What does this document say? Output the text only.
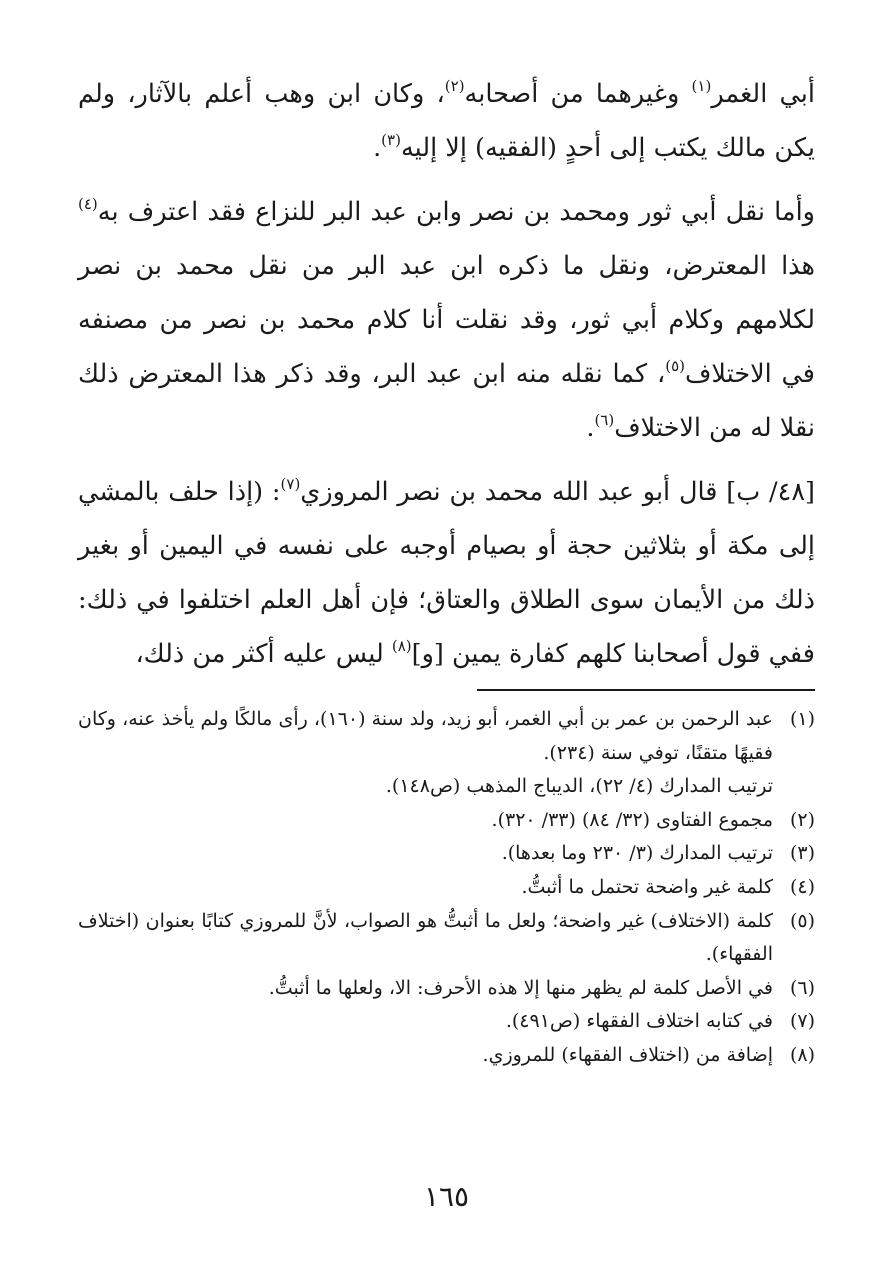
أبي الغمر$^{(١)}$ وغيرهما من أصحابه$^{(٢)}$، وكان ابن وهب أعلم بالآثار، ولم يكن مالك يكتب إلى أحدٍ (الفقيه) إلا إليه$^{(٣)}$.

وأما نقل أبي ثور ومحمد بن نصر وابن عبد البر للنزاع فقد اعترف به$^{(٤)}$ هذا المعترض، ونقل ما ذكره ابن عبد البر من نقل محمد بن نصر لكلامهم وكلام أبي ثور، وقد نقلت أنا كلام محمد بن نصر من مصنفه في الاختلاف$^{(٥)}$، كما نقله منه ابن عبد البر، وقد ذكر هذا المعترض ذلك نقلا له من الاختلاف$^{(٦)}$.

[٤٨/ ب] قال أبو عبد الله محمد بن نصر المروزي$^{(٧)}$: (إذا حلف بالمشي إلى مكة أو بثلاثين حجة أو بصيام أوجبه على نفسه في اليمين أو بغير ذلك من الأيمان سوى الطلاق والعتاق؛ فإن أهل العلم اختلفوا في ذلك: ففي قول أصحابنا كلهم كفارة يمين [و]$^{(٨)}$ ليس عليه أكثر من ذلك،

(١)
عبد الرحمن بن عمر بن أبي الغمر، أبو زيد، ولد سنة (١٦٠)، رأى مالكًا ولم يأخذ عنه، وكان فقيهًا متقنًا، توفي سنة (٢٣٤).
ترتيب المدارك (٤/ ٢٢)، الديباج المذهب (ص١٤٨).
(٢)
مجموع الفتاوى (٣٢/ ٨٤) (٣٣/ ٣٢٠).
(٣)
ترتيب المدارك (٣/ ٢٣٠ وما بعدها).
(٤)
كلمة غير واضحة تحتمل ما أثبتُّ.
(٥)
كلمة (الاختلاف) غير واضحة؛ ولعل ما أثبتُّ هو الصواب، لأنَّ للمروزي كتابًا بعنوان (اختلاف الفقهاء).
(٦)
في الأصل كلمة لم يظهر منها إلا هذه الأحرف: الا، ولعلها ما أثبتُّ.
(٧)
في كتابه اختلاف الفقهاء (ص٤٩١).
(٨)
إضافة من (اختلاف الفقهاء) للمروزي.
١٦٥
